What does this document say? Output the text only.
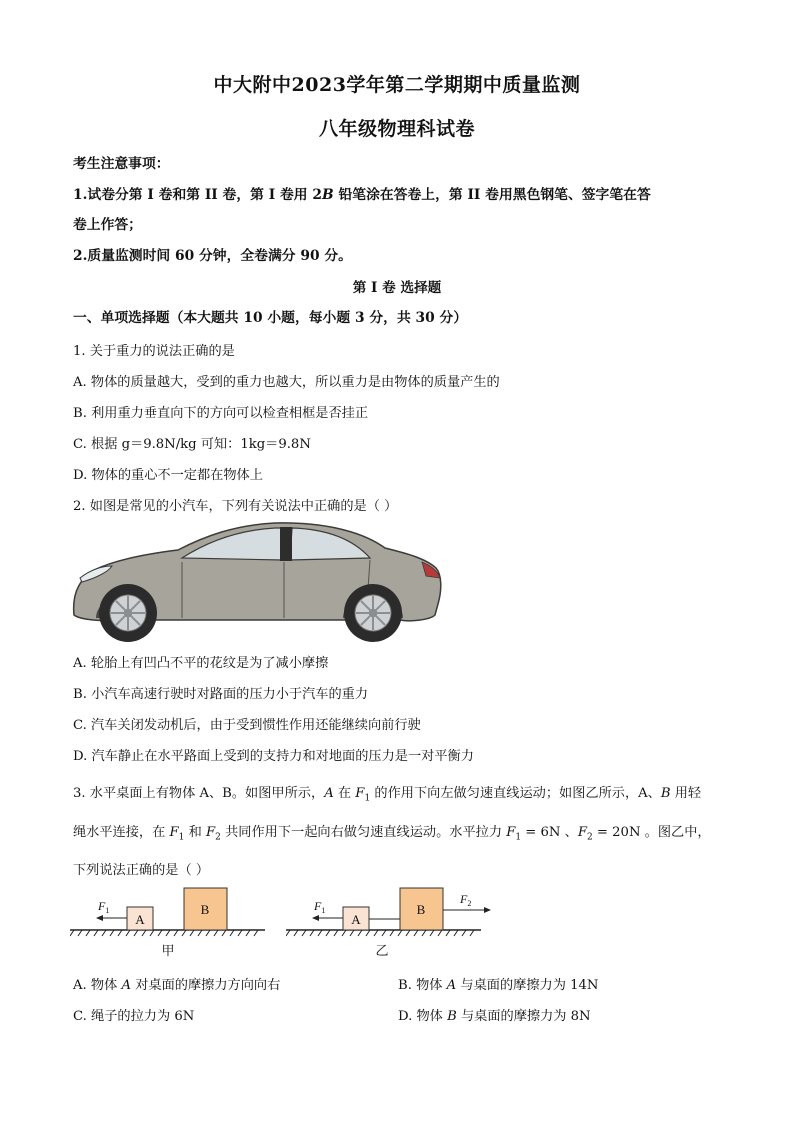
中大附中2023学年第二学期期中质量监测
八年级物理科试卷
考生注意事项：
1.试卷分第 I 卷和第 II 卷，第 I 卷用 2B 铅笔涂在答卷上，第 II 卷用黑色钢笔、签字笔在答
卷上作答；
2.质量监测时间 60 分钟，全卷满分 90 分。
第 I 卷 选择题
一、单项选择题（本大题共 10 小题，每小题 3 分，共 30 分）
1. 关于重力的说法正确的是
A. 物体的质量越大，受到的重力也越大，所以重力是由物体的质量产生的
B. 利用重力垂直向下的方向可以检查相框是否挂正
C. 根据 g＝9.8N/kg 可知：1kg＝9.8N
D. 物体的重心不一定都在物体上
2. 如图是常见的小汽车，下列有关说法中正确的是（ ）
A. 轮胎上有凹凸不平的花纹是为了减小摩擦
B. 小汽车高速行驶时对路面的压力小于汽车的重力
C. 汽车关闭发动机后，由于受到惯性作用还能继续向前行驶
D. 汽车静止在水平路面上受到的支持力和对地面的压力是一对平衡力
3. 水平桌面上有物体 A、B。如图甲所示，A 在 $F_1$ 的作用下向左做匀速直线运动；如图乙所示，A、B 用轻
绳水平连接，在 $F_1$ 和 $F_2$ 共同作用下一起向右做匀速直线运动。水平拉力 $F_1 = 6N$ 、$F_2 = 20N$ 。图乙中，
下列说法正确的是（ ）
A
B
$F_1$
甲
A
B
$F_1$
$F_2$
乙
A. 物体 A 对桌面的摩擦力方向向右	B. 物体 A 与桌面的摩擦力为 14N
C. 绳子的拉力为 6N	D. 物体 B 与桌面的摩擦力为 8N
